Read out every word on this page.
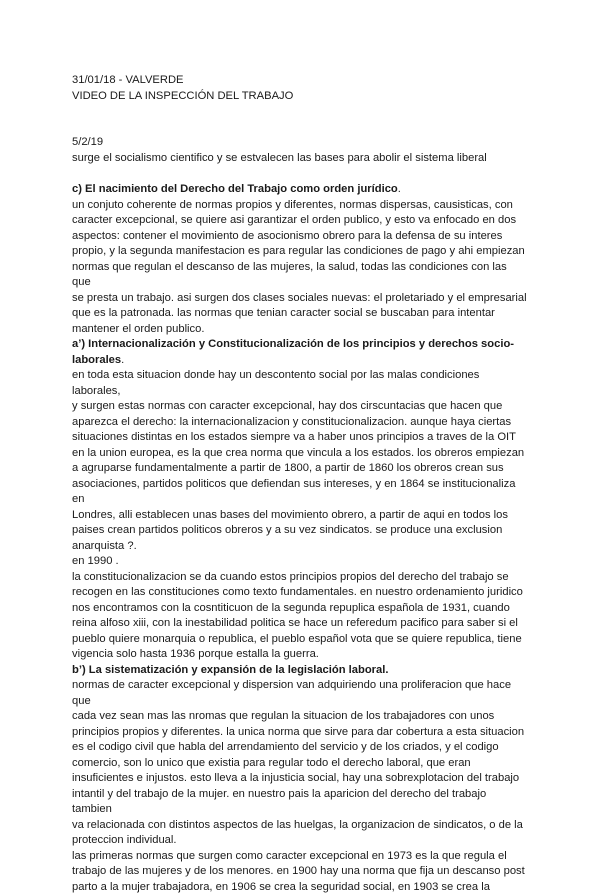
31/01/18 - VALVERDE

VIDEO DE LA INSPECCIÓN DEL TRABAJO

5/2/19

surge el socialismo cientifico y se estvalecen las bases para abolir el sistema liberal

c) El nacimiento del Derecho del Trabajo como orden jurídico.

un conjuto coherente de normas propios y diferentes, normas dispersas, causisticas, con
caracter excepcional, se quiere asi garantizar el orden publico, y esto va enfocado en dos
aspectos: contener el movimiento de asocionismo obrero para la defensa de su interes
propio, y la segunda manifestacion es para regular las condiciones de pago y ahi empiezan
normas que regulan el descanso de las mujeres, la salud, todas las condiciones con las que
se presta un trabajo. asi surgen dos clases sociales nuevas: el proletariado y el empresarial
que es la patronada. las normas que tenian caracter social se buscaban para intentar
mantener el orden publico.

a’) Internacionalización y Constitucionalización de los principios y derechos socio-
laborales.

en toda esta situacion donde hay un descontento social por las malas condiciones laborales,
y surgen estas normas con caracter excepcional, hay dos cirscuntacias que hacen que
aparezca el derecho: la internacionalizacion y constitucionalizacion. aunque haya ciertas
situaciones distintas en los estados siempre va a haber unos principios a traves de la OIT
en la union europea, es la que crea norma que vincula a los estados. los obreros empiezan
a agruparse fundamentalmente a partir de 1800, a partir de 1860 los obreros crean sus
asociaciones, partidos politicos que defiendan sus intereses, y en 1864 se institucionaliza en
Londres, alli establecen unas bases del movimiento obrero, a partir de aqui en todos los
paises crean partidos politicos obreros y a su vez sindicatos. se produce una exclusion
anarquista ?.
en 1990 .
la constitucionalizacion se da cuando estos principios propios del derecho del trabajo se
recogen en las constituciones como texto fundamentales. en nuestro ordenamiento juridico
nos encontramos con la cosntiticuon de la segunda repuplica española de 1931, cuando
reina alfoso xiii, con la inestabilidad politica se hace un referedum pacifico para saber si el
pueblo quiere monarquia o republica, el pueblo español vota que se quiere republica, tiene
vigencia solo hasta 1936 porque estalla la guerra.

b’) La sistematización y expansión de la legislación laboral.

normas de caracter excepcional y dispersion van adquiriendo una proliferacion que hace que
cada vez sean mas las nromas que regulan la situacion de los trabajadores con unos
principios propios y diferentes. la unica norma que sirve para dar cobertura a esta situacion
es el codigo civil que habla del arrendamiento del servicio y de los criados, y el codigo
comercio, son lo unico que existia para regular todo el derecho laboral, que eran
insuficientes e injustos. esto lleva a la injusticia social, hay una sobrexplotacion del trabajo
intantil y del trabajo de la mujer. en nuestro pais la aparicion del derecho del trabajo tambien
va relacionada con distintos aspectos de las huelgas, la organizacion de sindicatos, o de la
proteccion individual.
las primeras normas que surgen como caracter excepcional en 1973 es la que regula el
trabajo de las mujeres y de los menores. en 1900 hay una norma que fija un descanso post
parto a la mujer trabajadora, en 1906 se crea la seguridad social, en 1903 se crea la
